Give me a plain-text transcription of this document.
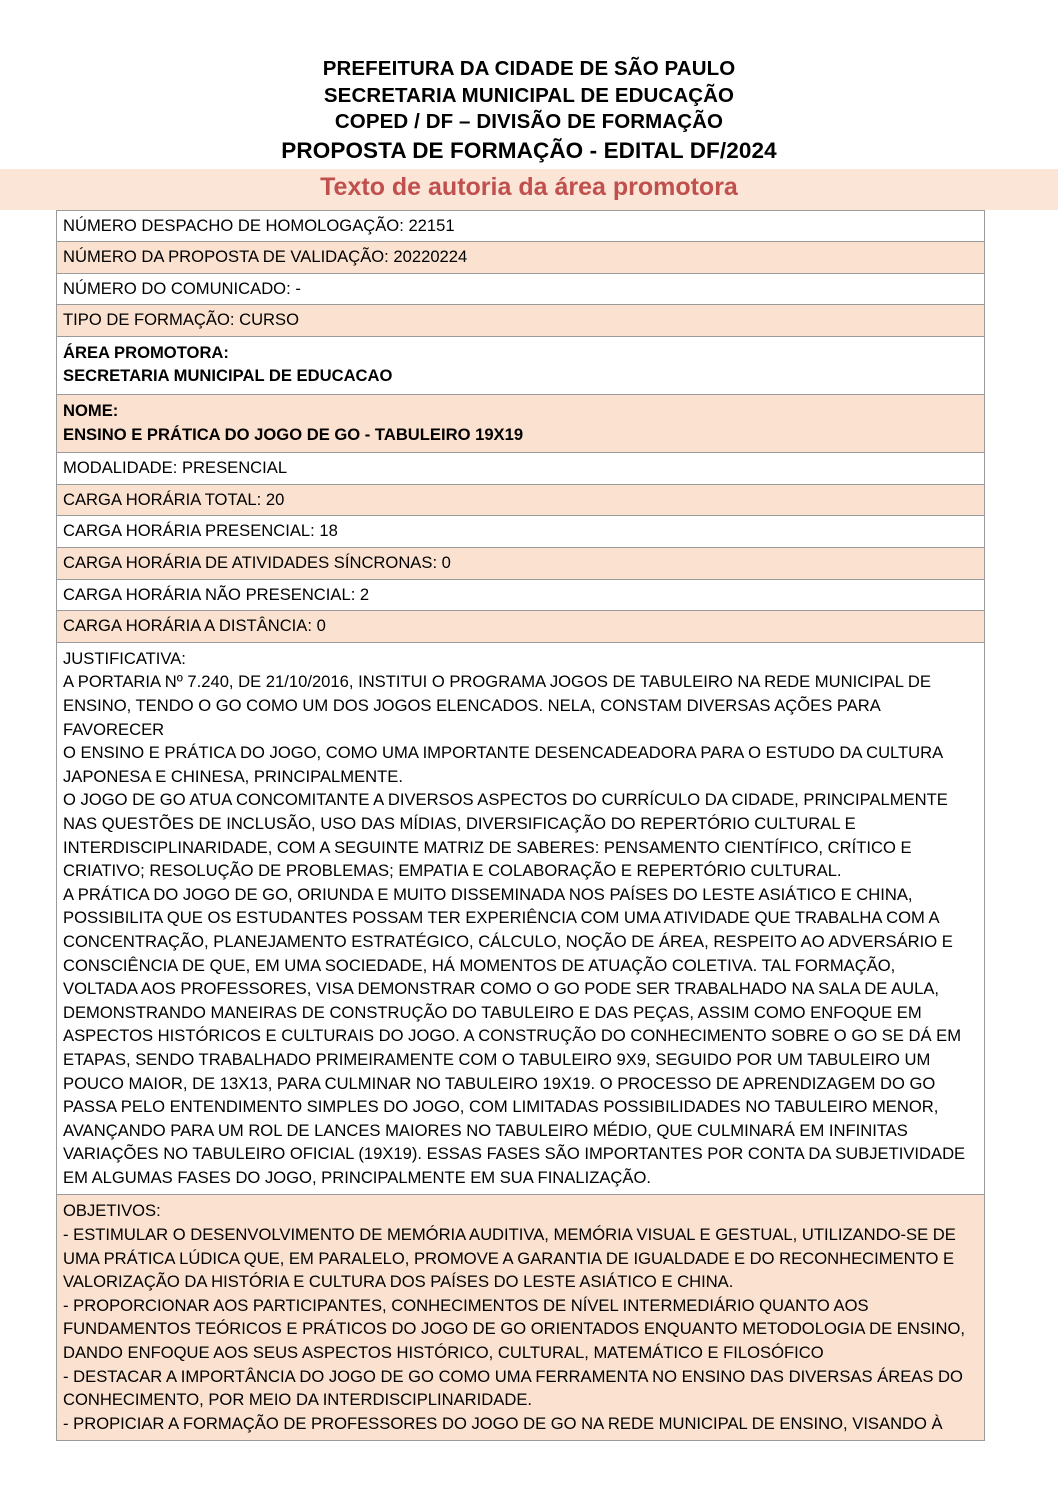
PREFEITURA DA CIDADE DE SÃO PAULO
SECRETARIA MUNICIPAL DE EDUCAÇÃO
COPED / DF – DIVISÃO DE FORMAÇÃO
PROPOSTA DE FORMAÇÃO - EDITAL DF/2024
Texto de autoria da área promotora
NÚMERO DESPACHO DE HOMOLOGAÇÃO: 22151
NÚMERO DA PROPOSTA DE VALIDAÇÃO: 20220224
NÚMERO DO COMUNICADO: -
TIPO DE FORMAÇÃO: CURSO

ÁREA PROMOTORA:
SECRETARIA MUNICIPAL DE EDUCACAO

NOME:
ENSINO E PRÁTICA DO JOGO DE GO - TABULEIRO 19X19

MODALIDADE: PRESENCIAL
CARGA HORÁRIA TOTAL: 20
CARGA HORÁRIA PRESENCIAL: 18
CARGA HORÁRIA DE ATIVIDADES SÍNCRONAS: 0
CARGA HORÁRIA NÃO PRESENCIAL: 2
CARGA HORÁRIA A DISTÂNCIA: 0

JUSTIFICATIVA:
A PORTARIA Nº 7.240, DE 21/10/2016, INSTITUI O PROGRAMA JOGOS DE TABULEIRO NA REDE MUNICIPAL DE
ENSINO, TENDO O GO COMO UM DOS JOGOS ELENCADOS. NELA, CONSTAM DIVERSAS AÇÕES PARA FAVORECER
O ENSINO E PRÁTICA DO JOGO, COMO UMA IMPORTANTE DESENCADEADORA PARA O ESTUDO DA CULTURA
JAPONESA E CHINESA, PRINCIPALMENTE.
O JOGO DE GO ATUA CONCOMITANTE A DIVERSOS ASPECTOS DO CURRÍCULO DA CIDADE, PRINCIPALMENTE
NAS QUESTÕES DE INCLUSÃO, USO DAS MÍDIAS, DIVERSIFICAÇÃO DO REPERTÓRIO CULTURAL E
INTERDISCIPLINARIDADE, COM A SEGUINTE MATRIZ DE SABERES: PENSAMENTO CIENTÍFICO, CRÍTICO E
CRIATIVO; RESOLUÇÃO DE PROBLEMAS; EMPATIA E COLABORAÇÃO E REPERTÓRIO CULTURAL.
A PRÁTICA DO JOGO DE GO, ORIUNDA E MUITO DISSEMINADA NOS PAÍSES DO LESTE ASIÁTICO E CHINA,
POSSIBILITA QUE OS ESTUDANTES POSSAM TER EXPERIÊNCIA COM UMA ATIVIDADE QUE TRABALHA COM A
CONCENTRAÇÃO, PLANEJAMENTO ESTRATÉGICO, CÁLCULO, NOÇÃO DE ÁREA, RESPEITO AO ADVERSÁRIO E
CONSCIÊNCIA DE QUE, EM UMA SOCIEDADE, HÁ MOMENTOS DE ATUAÇÃO COLETIVA. TAL FORMAÇÃO,
VOLTADA AOS PROFESSORES, VISA DEMONSTRAR COMO O GO PODE SER TRABALHADO NA SALA DE AULA,
DEMONSTRANDO MANEIRAS DE CONSTRUÇÃO DO TABULEIRO E DAS PEÇAS, ASSIM COMO ENFOQUE EM
ASPECTOS HISTÓRICOS E CULTURAIS DO JOGO. A CONSTRUÇÃO DO CONHECIMENTO SOBRE O GO SE DÁ EM
ETAPAS, SENDO TRABALHADO PRIMEIRAMENTE COM O TABULEIRO 9X9, SEGUIDO POR UM TABULEIRO UM
POUCO MAIOR, DE 13X13, PARA CULMINAR NO TABULEIRO 19X19. O PROCESSO DE APRENDIZAGEM DO GO
PASSA PELO ENTENDIMENTO SIMPLES DO JOGO, COM LIMITADAS POSSIBILIDADES NO TABULEIRO MENOR,
AVANÇANDO PARA UM ROL DE LANCES MAIORES NO TABULEIRO MÉDIO, QUE CULMINARÁ EM INFINITAS
VARIAÇÕES NO TABULEIRO OFICIAL (19X19). ESSAS FASES SÃO IMPORTANTES POR CONTA DA SUBJETIVIDADE
EM ALGUMAS FASES DO JOGO, PRINCIPALMENTE EM SUA FINALIZAÇÃO.

OBJETIVOS:
- ESTIMULAR O DESENVOLVIMENTO DE MEMÓRIA AUDITIVA, MEMÓRIA VISUAL E GESTUAL, UTILIZANDO-SE DE
UMA PRÁTICA LÚDICA QUE, EM PARALELO, PROMOVE A GARANTIA DE IGUALDADE E DO RECONHECIMENTO E
VALORIZAÇÃO DA HISTÓRIA E CULTURA DOS PAÍSES DO LESTE ASIÁTICO E CHINA.
- PROPORCIONAR AOS PARTICIPANTES, CONHECIMENTOS DE NÍVEL INTERMEDIÁRIO QUANTO AOS
FUNDAMENTOS TEÓRICOS E PRÁTICOS DO JOGO DE GO ORIENTADOS ENQUANTO METODOLOGIA DE ENSINO,
DANDO ENFOQUE AOS SEUS ASPECTOS HISTÓRICO, CULTURAL, MATEMÁTICO E FILOSÓFICO
- DESTACAR A IMPORTÂNCIA DO JOGO DE GO COMO UMA FERRAMENTA NO ENSINO DAS DIVERSAS ÁREAS DO
CONHECIMENTO, POR MEIO DA INTERDISCIPLINARIDADE.
- PROPICIAR A FORMAÇÃO DE PROFESSORES DO JOGO DE GO NA REDE MUNICIPAL DE ENSINO, VISANDO À
